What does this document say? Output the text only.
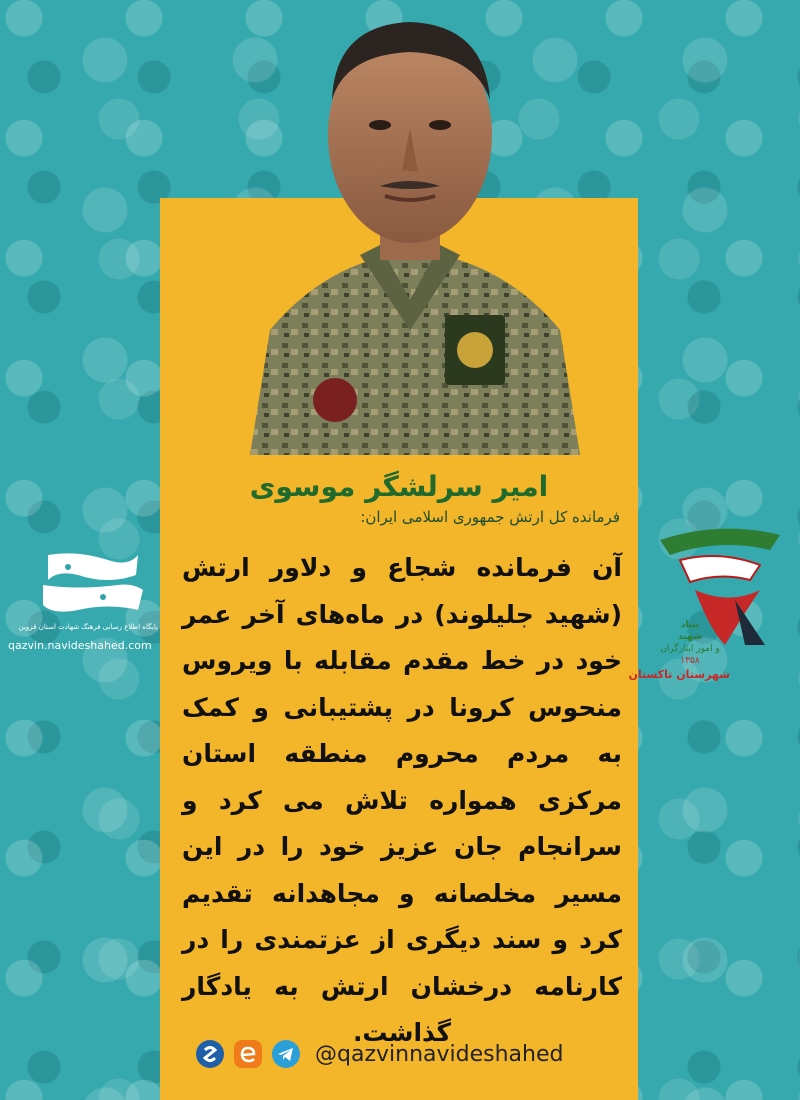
امیر سرلشگر موسوی
فرمانده کل ارتش جمهوری اسلامی ایران:

آن فرمانده شجاع و دلاور ارتش (شهید جلیلوند) در ماه‌های آخر عمر خود در خط مقدم مقابله با ویروس منحوس کرونا در پشتیبانی و کمک به مردم محروم منطقه استان مرکزی همواره تلاش می کرد و سرانجام جان عزیز خود را در این مسیر مخلصانه و مجاهدانه تقدیم کرد و سند دیگری از عزتمندی را در کارنامه درخشان ارتش به یادگار گذاشت.

پایگاه اطلاع رسانی فرهنگ شهادت استان قزوین
qazvin.navideshahed.com
بنیاد
شهید
و امور ایثارگران
۱۳۵۸
شهرستان تاکستان
@qazvinnavideshahed
